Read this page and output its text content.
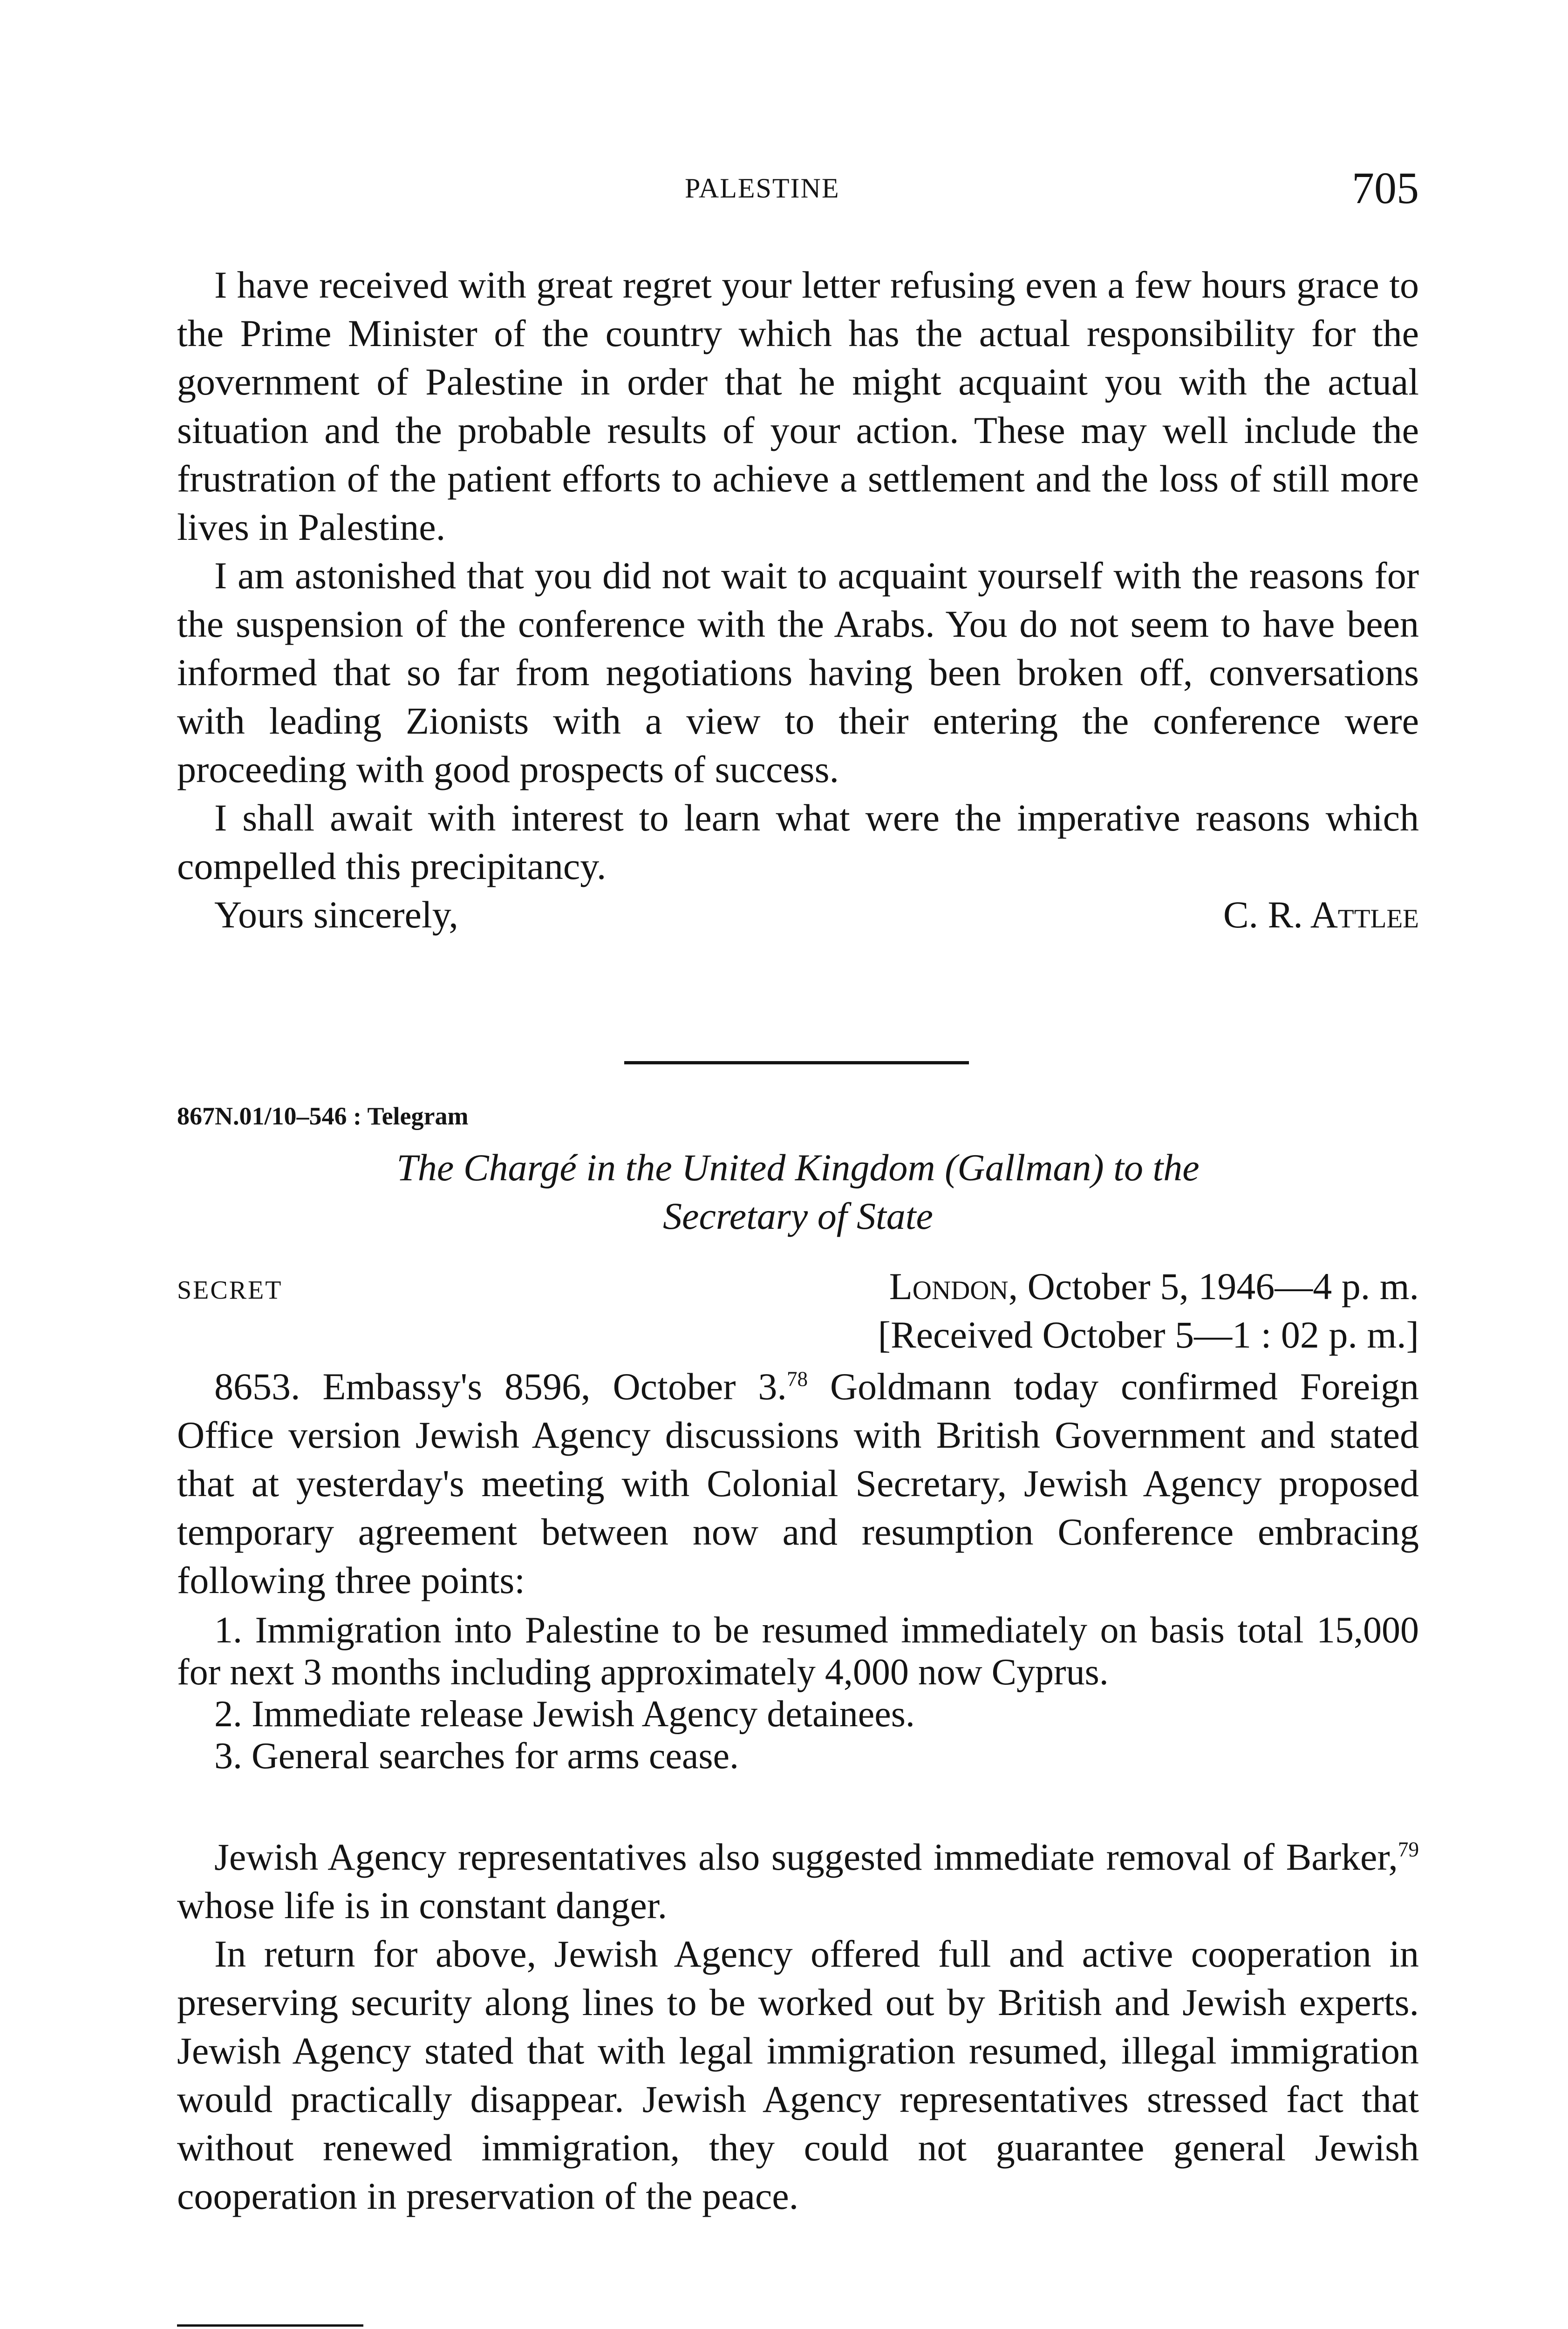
PALESTINE	705

I have received with great regret your letter refusing even a few hours grace to the Prime Minister of the country which has the actual responsibility for the government of Palestine in order that he might acquaint you with the actual situation and the probable results of your action. These may well include the frustration of the patient efforts to achieve a settlement and the loss of still more lives in Palestine.

I am astonished that you did not wait to acquaint yourself with the reasons for the suspension of the conference with the Arabs. You do not seem to have been informed that so far from negotiations having been broken off, conversations with leading Zionists with a view to their entering the conference were proceeding with good prospects of success.

I shall await with interest to learn what were the imperative reasons which compelled this precipitancy.

Yours sincerely,	C. R. Attlee
867N.01/10–546 : Telegram
The Chargé in the United Kingdom (Gallman) to the
Secretary of State
SECRET	London, October 5, 1946—4 p. m.
[Received October 5—1 : 02 p. m.]

8653. Embassy's 8596, October 3.78 Goldmann today confirmed Foreign Office version Jewish Agency discussions with British Government and stated that at yesterday's meeting with Colonial Secretary, Jewish Agency proposed temporary agreement between now and resumption Conference embracing following three points:

1. Immigration into Palestine to be resumed immediately on basis total 15,000 for next 3 months including approximately 4,000 now Cyprus.
2. Immediate release Jewish Agency detainees.
3. General searches for arms cease.

Jewish Agency representatives also suggested immediate removal of Barker,$^{79}$ whose life is in constant danger.

In return for above, Jewish Agency offered full and active cooperation in preserving security along lines to be worked out by British and Jewish experts. Jewish Agency stated that with legal immigration resumed, illegal immigration would practically disappear. Jewish Agency representatives stressed fact that without renewed immigration, they could not guarantee general Jewish cooperation in preservation of the peace.
